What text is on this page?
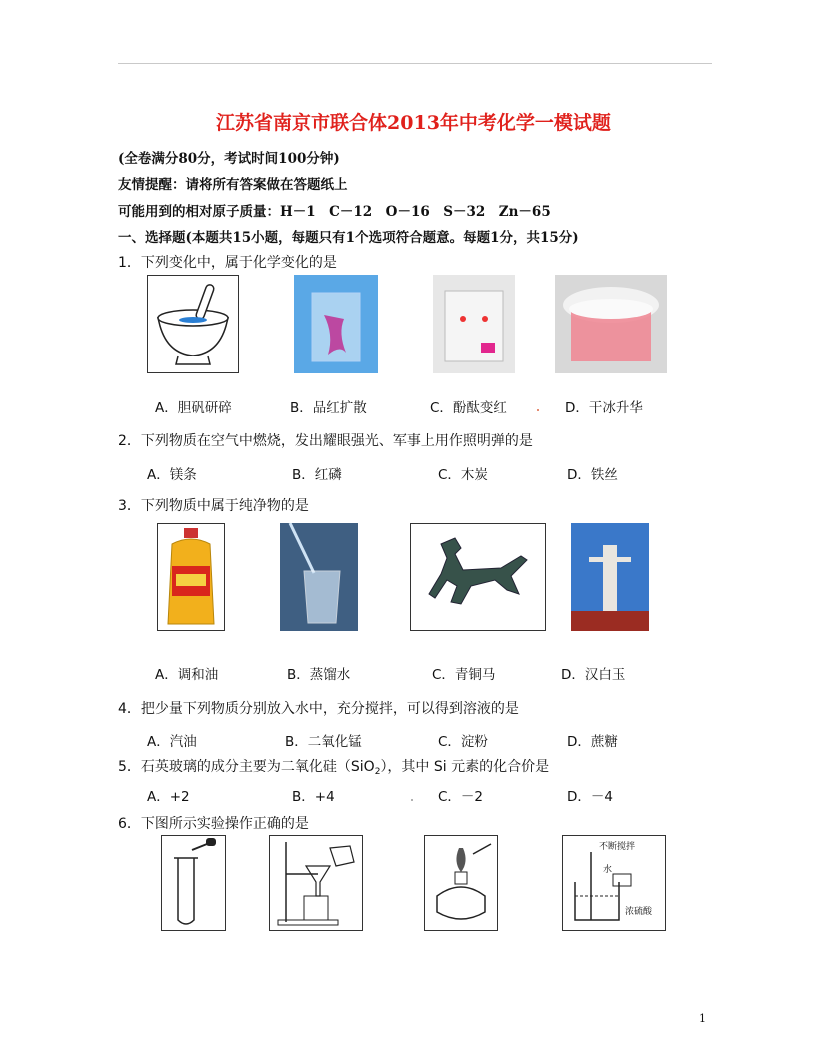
江苏省南京市联合体2013年中考化学一模试题
(全卷满分80分，考试时间100分钟)
友情提醒：请将所有答案做在答题纸上
可能用到的相对原子质量：H－1　C－12　O－16　S－32　Zn－65
一、选择题(本题共15小题，每题只有1个选项符合题意。每题1分，共15分)
1．下列变化中，属于化学变化的是
A．胆矾研碎	B．品红扩散	C．酚酞变红	D．干冰升华
2．下列物质在空气中燃烧，发出耀眼强光、军事上用作照明弹的是
A．镁条	B．红磷	C．木炭	D．铁丝
3．下列物质中属于纯净物的是
A．调和油	B．蒸馏水	C．青铜马	D．汉白玉
4．把少量下列物质分别放入水中，充分搅拌，可以得到溶液的是
A．汽油	B．二氧化锰	C．淀粉	D．蔗糖
5．石英玻璃的成分主要为二氧化硅（SiO$_2$），其中 Si 元素的化合价是
A．+2	B．+4	C．－2	D．－4
6．下图所示实验操作正确的是
不断搅拌
水
浓硫酸
1
